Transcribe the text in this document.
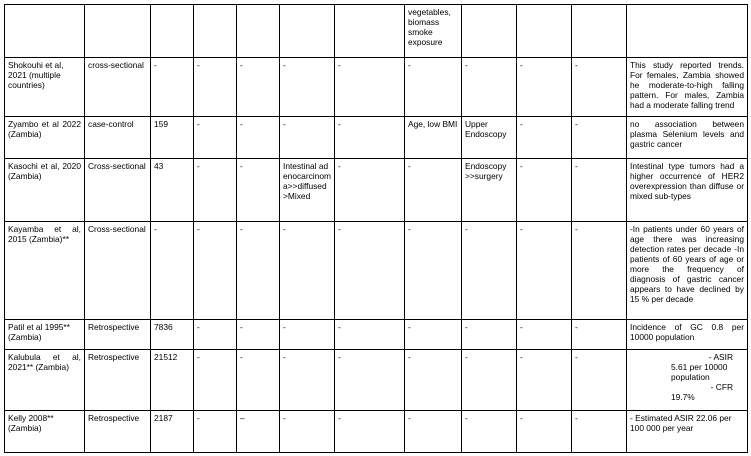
							vegetables, biomass smoke exposure				
Shokouhi et al, 2021 (multiple countries)	cross-sectional	-	-	-	-	-	-	-	-	-	This study reported trends. For females, Zambia showed he moderate-to-high falling pattern. For males, Zambia had a moderate falling trend
Zyambo et al 2022 (Zambia)	case-control	159	-	-	-	-	Age, low BMI	Upper Endoscopy	-	-	no association between plasma Selenium levels and gastric cancer
Kasochi et al, 2020 (Zambia)	Cross-sectional	43	-	-	Intestinal adenocarcinoma>>diffused>Mixed	-	-	Endoscopy >>surgery	-	-	Intestinal type tumors had a higher occurrence of HER2 overexpression than diffuse or mixed sub-types
Kayamba et al, 2015 (Zambia)**	Cross-sectional	-	-	-	-	-	-	-	-	-	-In patients under 60 years of age there was increasing detection rates per decade -In patients of 60 years of age or more the frequency of diagnosis of gastric cancer appears to have declined by 15 % per decade
Patil et al 1995** (Zambia)	Retrospective	7836	-	-	-	-	-	-	-	-	Incidence of GC 0.8 per 10000 population
Kalubula et al, 2021** (Zambia)	Retrospective	21512	-	-	-	-	-	-	-	-	- ASIR
5.61 per 10000
population
- CFR
19.7%

Kelly 2008** (Zambia)	Retrospective	2187	-	–	-	-	-	-	-	-	- Estimated ASIR 22.06 per 100 000 per year
